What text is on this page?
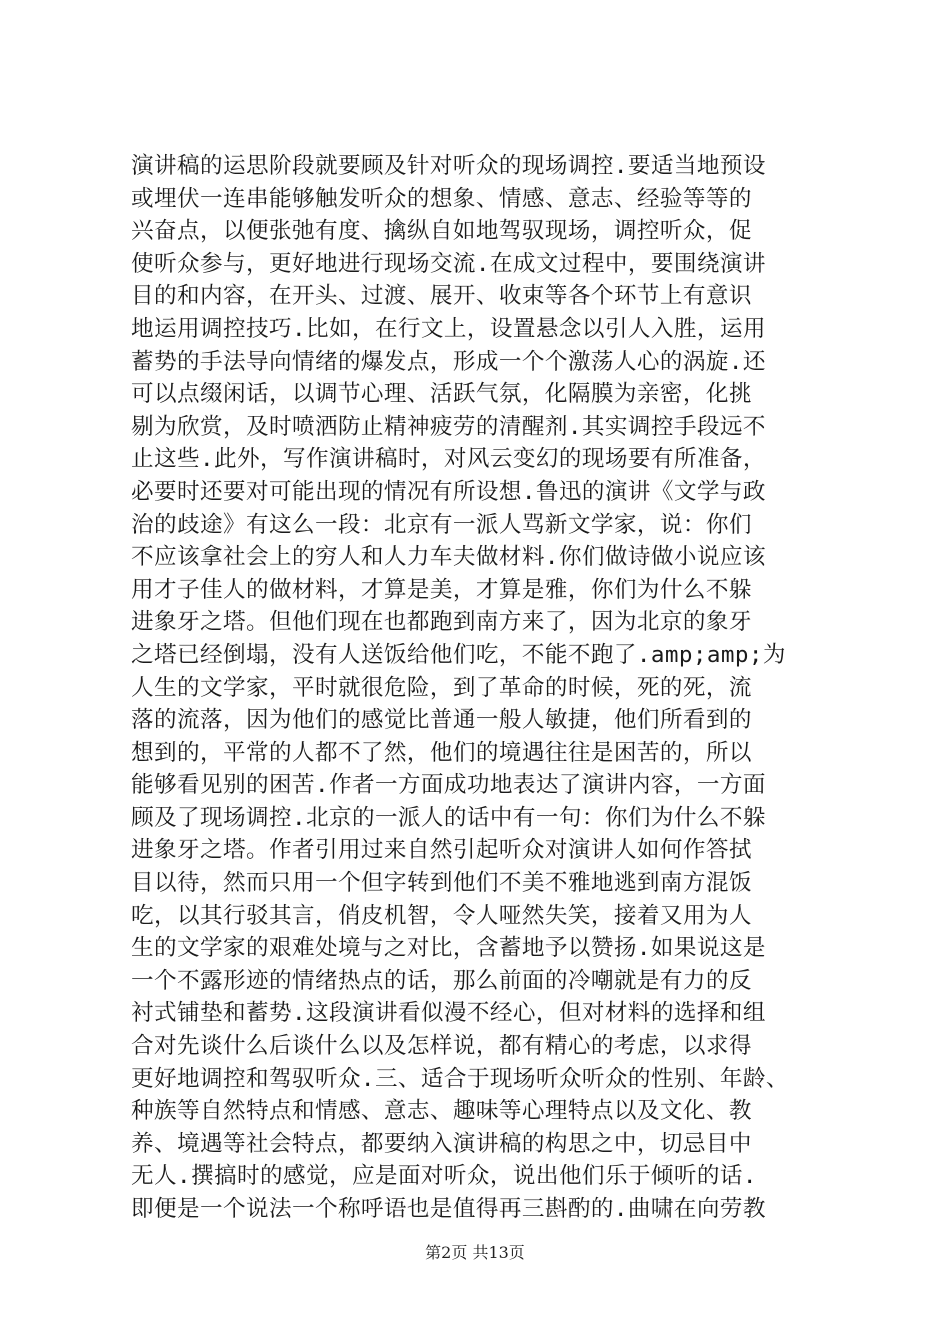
演讲稿的运思阶段就要顾及针对听众的现场调控.要适当地预设
或埋伏一连串能够触发听众的想象、情感、意志、经验等等的
兴奋点，以便张弛有度、擒纵自如地驾驭现场，调控听众，促
使听众参与，更好地进行现场交流.在成文过程中，要围绕演讲
目的和内容，在开头、过渡、展开、收束等各个环节上有意识
地运用调控技巧.比如，在行文上，设置悬念以引人入胜，运用
蓄势的手法导向情绪的爆发点，形成一个个激荡人心的涡旋.还
可以点缀闲话，以调节心理、活跃气氛，化隔膜为亲密，化挑
剔为欣赏，及时喷洒防止精神疲劳的清醒剂.其实调控手段远不
止这些.此外，写作演讲稿时，对风云变幻的现场要有所准备，
必要时还要对可能出现的情况有所设想.鲁迅的演讲《文学与政
治的歧途》有这么一段：北京有一派人骂新文学家，说：你们
不应该拿社会上的穷人和人力车夫做材料.你们做诗做小说应该
用才子佳人的做材料，才算是美，才算是雅，你们为什么不躲
进象牙之塔。但他们现在也都跑到南方来了，因为北京的象牙
之塔已经倒塌，没有人送饭给他们吃，不能不跑了.amp;amp;为
人生的文学家，平时就很危险，到了革命的时候，死的死，流
落的流落，因为他们的感觉比普通一般人敏捷，他们所看到的
想到的，平常的人都不了然，他们的境遇往往是困苦的，所以
能够看见别的困苦.作者一方面成功地表达了演讲内容，一方面
顾及了现场调控.北京的一派人的话中有一句：你们为什么不躲
进象牙之塔。作者引用过来自然引起听众对演讲人如何作答拭
目以待，然而只用一个但字转到他们不美不雅地逃到南方混饭
吃，以其行驳其言，俏皮机智，令人哑然失笑，接着又用为人
生的文学家的艰难处境与之对比，含蓄地予以赞扬.如果说这是
一个不露形迹的情绪热点的话，那么前面的冷嘲就是有力的反
衬式铺垫和蓄势.这段演讲看似漫不经心，但对材料的选择和组
合对先谈什么后谈什么以及怎样说，都有精心的考虑，以求得
更好地调控和驾驭听众.三、适合于现场听众听众的性别、年龄、
种族等自然特点和情感、意志、趣味等心理特点以及文化、教
养、境遇等社会特点，都要纳入演讲稿的构思之中，切忌目中
无人.撰搞时的感觉，应是面对听众，说出他们乐于倾听的话.
即便是一个说法一个称呼语也是值得再三斟酌的.曲啸在向劳教
第2页 共13页
